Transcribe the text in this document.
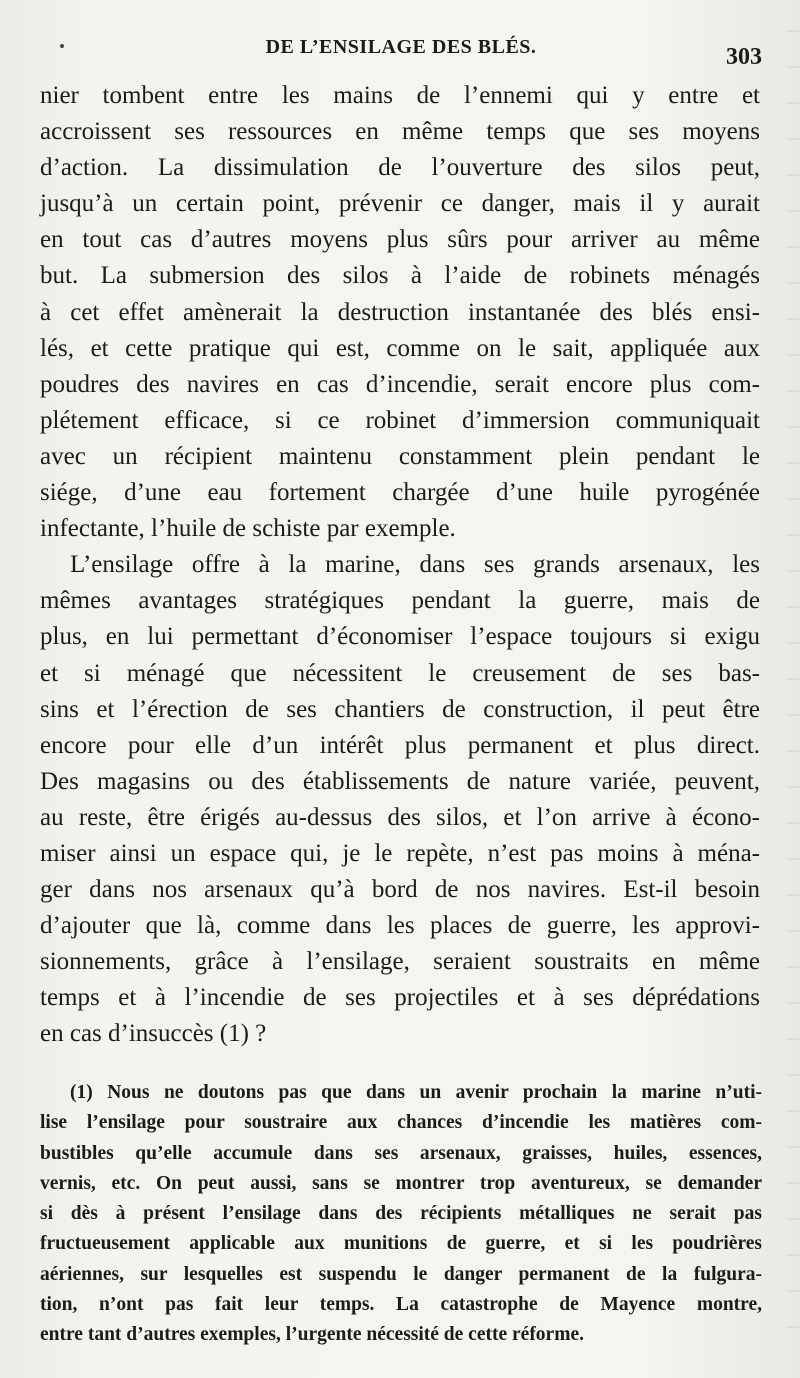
DE L’ENSILAGE DES BLÉS.	303
nier tombent entre les mains de l’ennemi qui y entre et
accroissent ses ressources en même temps que ses moyens
d’action. La dissimulation de l’ouverture des silos peut,
jusqu’à un certain point, prévenir ce danger, mais il y aurait
en tout cas d’autres moyens plus sûrs pour arriver au même
but. La submersion des silos à l’aide de robinets ménagés
à cet effet amènerait la destruction instantanée des blés ensi-
lés, et cette pratique qui est, comme on le sait, appliquée aux
poudres des navires en cas d’incendie, serait encore plus com-
plétement efficace, si ce robinet d’immersion communiquait
avec un récipient maintenu constamment plein pendant le
siége, d’une eau fortement chargée d’une huile pyrogénée
infectante, l’huile de schiste par exemple.
L’ensilage offre à la marine, dans ses grands arsenaux, les
mêmes avantages stratégiques pendant la guerre, mais de
plus, en lui permettant d’économiser l’espace toujours si exigu
et si ménagé que nécessitent le creusement de ses bas-
sins et l’érection de ses chantiers de construction, il peut être
encore pour elle d’un intérêt plus permanent et plus direct.
Des magasins ou des établissements de nature variée, peuvent,
au reste, être érigés au-dessus des silos, et l’on arrive à écono-
miser ainsi un espace qui, je le repète, n’est pas moins à ména-
ger dans nos arsenaux qu’à bord de nos navires. Est-il besoin
d’ajouter que là, comme dans les places de guerre, les approvi-
sionnements, grâce à l’ensilage, seraient soustraits en même
temps et à l’incendie de ses projectiles et à ses déprédations
en cas d’insuccès (1) ?
(1) Nous ne doutons pas que dans un avenir prochain la marine n’uti-
lise l’ensilage pour soustraire aux chances d’incendie les matières com-
bustibles qu’elle accumule dans ses arsenaux, graisses, huiles, essences,
vernis, etc. On peut aussi, sans se montrer trop aventureux, se demander
si dès à présent l’ensilage dans des récipients métalliques ne serait pas
fructueusement applicable aux munitions de guerre, et si les poudrières
aériennes, sur lesquelles est suspendu le danger permanent de la fulgura-
tion, n’ont pas fait leur temps. La catastrophe de Mayence montre,
entre tant d’autres exemples, l’urgente nécessité de cette réforme.
